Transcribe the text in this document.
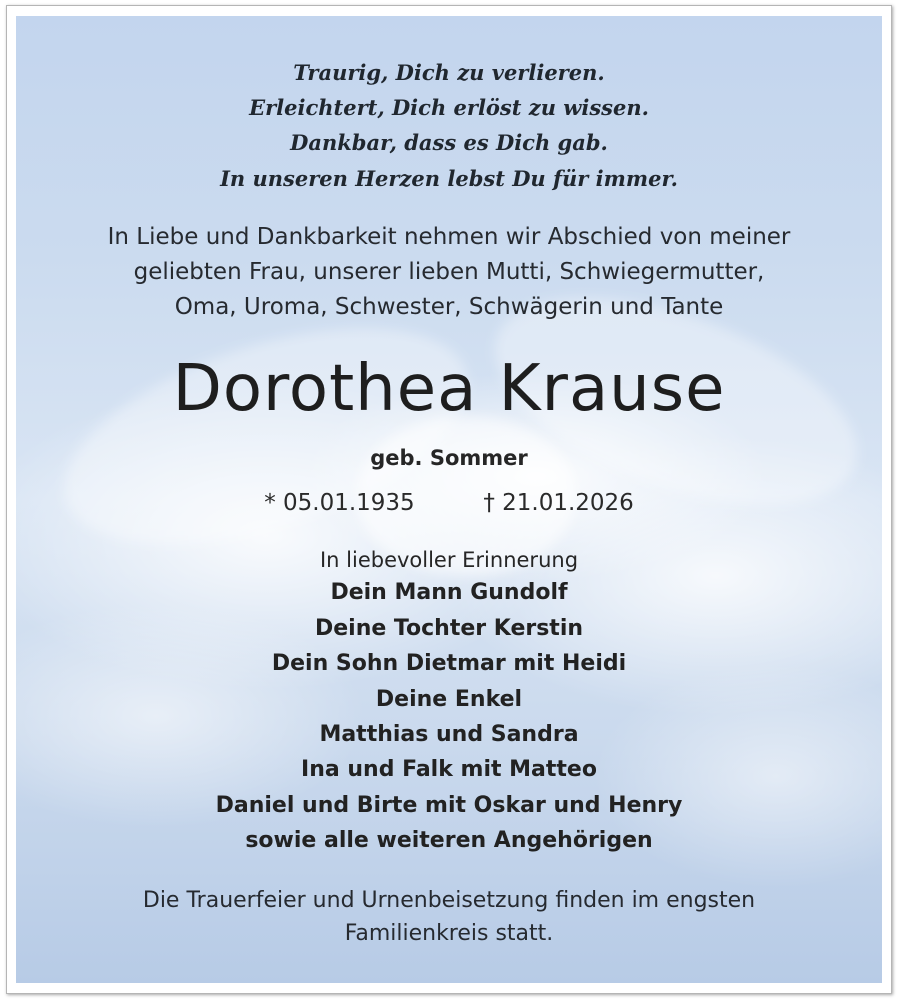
Traurig, Dich zu verlieren.
Erleichtert, Dich erlöst zu wissen.
Dankbar, dass es Dich gab.
In unseren Herzen lebst Du für immer.
In Liebe und Dankbarkeit nehmen wir Abschied von meiner
geliebten Frau, unserer lieben Mutti, Schwiegermutter,
Oma, Uroma, Schwester, Schwägerin und Tante
Dorothea Krause
geb. Sommer
* 05.01.1935	† 21.01.2026
In liebevoller Erinnerung
Dein Mann Gundolf
Deine Tochter Kerstin
Dein Sohn Dietmar mit Heidi
Deine Enkel
Matthias und Sandra
Ina und Falk mit Matteo
Daniel und Birte mit Oskar und Henry
sowie alle weiteren Angehörigen
Die Trauerfeier und Urnenbeisetzung finden im engsten
Familienkreis statt.
